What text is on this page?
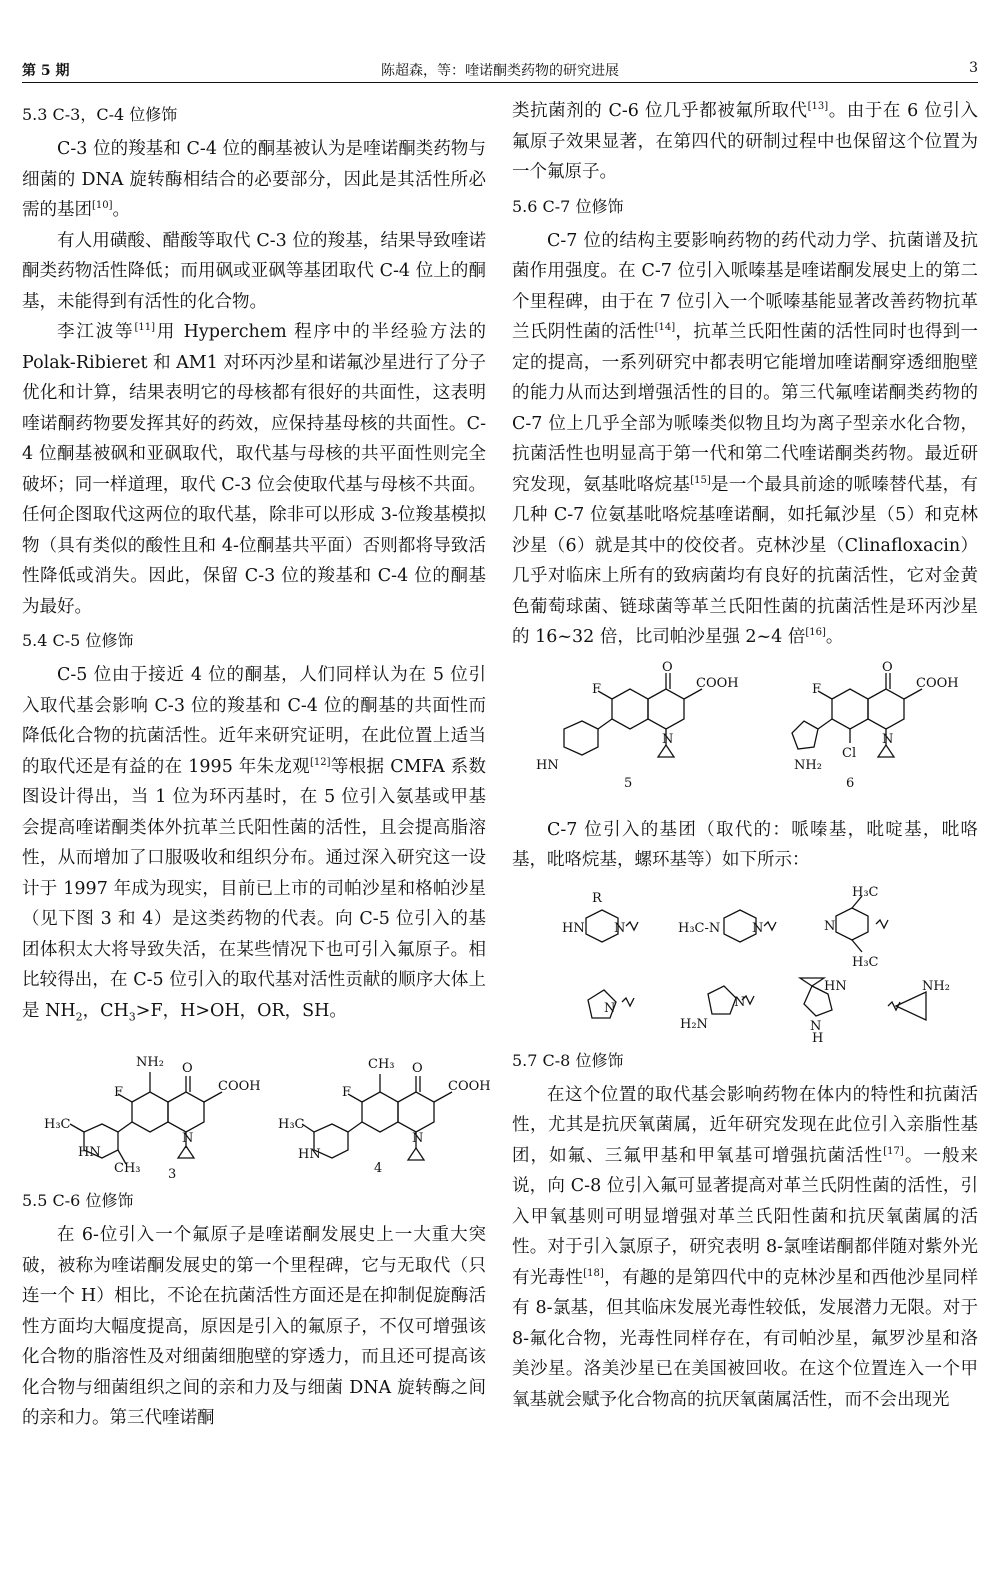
第 5 期	陈超森，等：喹诺酮类药物的研究进展	3
5.3 C-3，C-4 位修饰

C-3 位的羧基和 C-4 位的酮基被认为是喹诺酮类药物与细菌的 DNA 旋转酶相结合的必要部分，因此是其活性所必需的基团[10]。

有人用磺酸、醋酸等取代 C-3 位的羧基，结果导致喹诺酮类药物活性降低；而用砜或亚砜等基团取代 C-4 位上的酮基，未能得到有活性的化合物。

李江波等[11]用 Hyperchem 程序中的半经验方法的 Polak-Ribieret 和 AM1 对环丙沙星和诺氟沙星进行了分子优化和计算，结果表明它的母核都有很好的共面性，这表明喹诺酮药物要发挥其好的药效，应保持基母核的共面性。C-4 位酮基被砜和亚砜取代，取代基与母核的共平面性则完全破坏；同一样道理，取代 C-3 位会使取代基与母核不共面。任何企图取代这两位的取代基，除非可以形成 3-位羧基模拟物（具有类似的酸性且和 4-位酮基共平面）否则都将导致活性降低或消失。因此，保留 C-3 位的羧基和 C-4 位的酮基为最好。

5.4 C-5 位修饰

C-5 位由于接近 4 位的酮基，人们同样认为在 5 位引入取代基会影响 C-3 位的羧基和 C-4 位的酮基的共面性而降低化合物的抗菌活性。近年来研究证明，在此位置上适当的取代还是有益的在 1995 年朱龙观[12]等根据 CMFA 系数图设计得出，当 1 位为环丙基时，在 5 位引入氨基或甲基会提高喹诺酮类体外抗革兰氏阳性菌的活性，且会提高脂溶性，从而增加了口服吸收和组织分布。通过深入研究这一设计于 1997 年成为现实，目前已上市的司帕沙星和格帕沙星（见下图 3 和 4）是这类药物的代表。向 C-5 位引入的基团体积太大将导致失活，在某些情况下也可引入氟原子。相比较得出，在 C-5 位引入的取代基对活性贡献的顺序大体上是 $NH_2$，$CH_3>F$，H>OH，OR，SH。

NH₂ O
COOH
F
H₃C
HN
CH₃
N
3
CH₃ O
COOH
F
H₃C
HN
N
4
5.5 C-6 位修饰

在 6-位引入一个氟原子是喹诺酮发展史上一大重大突破，被称为喹诺酮发展史的第一个里程碑，它与无取代（只连一个 H）相比，不论在抗菌活性方面还是在抑制促旋酶活性方面均大幅度提高，原因是引入的氟原子，不仅可增强该化合物的脂溶性及对细菌细胞壁的穿透力，而且还可提高该化合物与细菌组织之间的亲和力及与细菌 DNA 旋转酶之间的亲和力。第三代喹诺酮

类抗菌剂的 C-6 位几乎都被氟所取代[13]。由于在 6 位引入氟原子效果显著，在第四代的研制过程中也保留这个位置为一个氟原子。

5.6 C-7 位修饰

C-7 位的结构主要影响药物的药代动力学、抗菌谱及抗菌作用强度。在 C-7 位引入哌嗪基是喹诺酮发展史上的第二个里程碑，由于在 7 位引入一个哌嗪基能显著改善药物抗革兰氏阴性菌的活性[14]，抗革兰氏阳性菌的活性同时也得到一定的提高，一系列研究中都表明它能增加喹诺酮穿透细胞壁的能力从而达到增强活性的目的。第三代氟喹诺酮类药物的 C-7 位上几乎全部为哌嗪类似物且均为离子型亲水化合物，抗菌活性也明显高于第一代和第二代喹诺酮类药物。最近研究发现，氨基吡咯烷基[15]是一个最具前途的哌嗪替代基，有几种 C-7 位氨基吡咯烷基喹诺酮，如托氟沙星（5）和克林沙星（6）就是其中的佼佼者。克林沙星（Clinafloxacin）几乎对临床上所有的致病菌均有良好的抗菌活性，它对金黄色葡萄球菌、链球菌等革兰氏阳性菌的抗菌活性是环丙沙星的 16~32 倍，比司帕沙星强 2~4 倍[16]。

O
COOH
F
HN
N
5
O
COOH
F
NH₂
Cl
N
6

C-7 位引入的基团（取代的：哌嗪基，吡啶基，吡咯基，吡咯烷基，螺环基等）如下所示：

R
HN N	H₃C-N N
H₃C
N
H₃C
N
H₂N
N
HN
N
H
NH₂
5.7 C-8 位修饰

在这个位置的取代基会影响药物在体内的特性和抗菌活性，尤其是抗厌氧菌属，近年研究发现在此位引入亲脂性基团，如氟、三氟甲基和甲氧基可增强抗菌活性[17]。一般来说，向 C-8 位引入氟可显著提高对革兰氏阴性菌的活性，引入甲氧基则可明显增强对革兰氏阳性菌和抗厌氧菌属的活性。对于引入氯原子，研究表明 8-氯喹诺酮都伴随对紫外光有光毒性[18]，有趣的是第四代中的克林沙星和西他沙星同样有 8-氯基，但其临床发展光毒性较低，发展潜力无限。对于 8-氟化合物，光毒性同样存在，有司帕沙星，氟罗沙星和洛美沙星。洛美沙星已在美国被回收。在这个位置连入一个甲氧基就会赋予化合物高的抗厌氧菌属活性，而不会出现光
